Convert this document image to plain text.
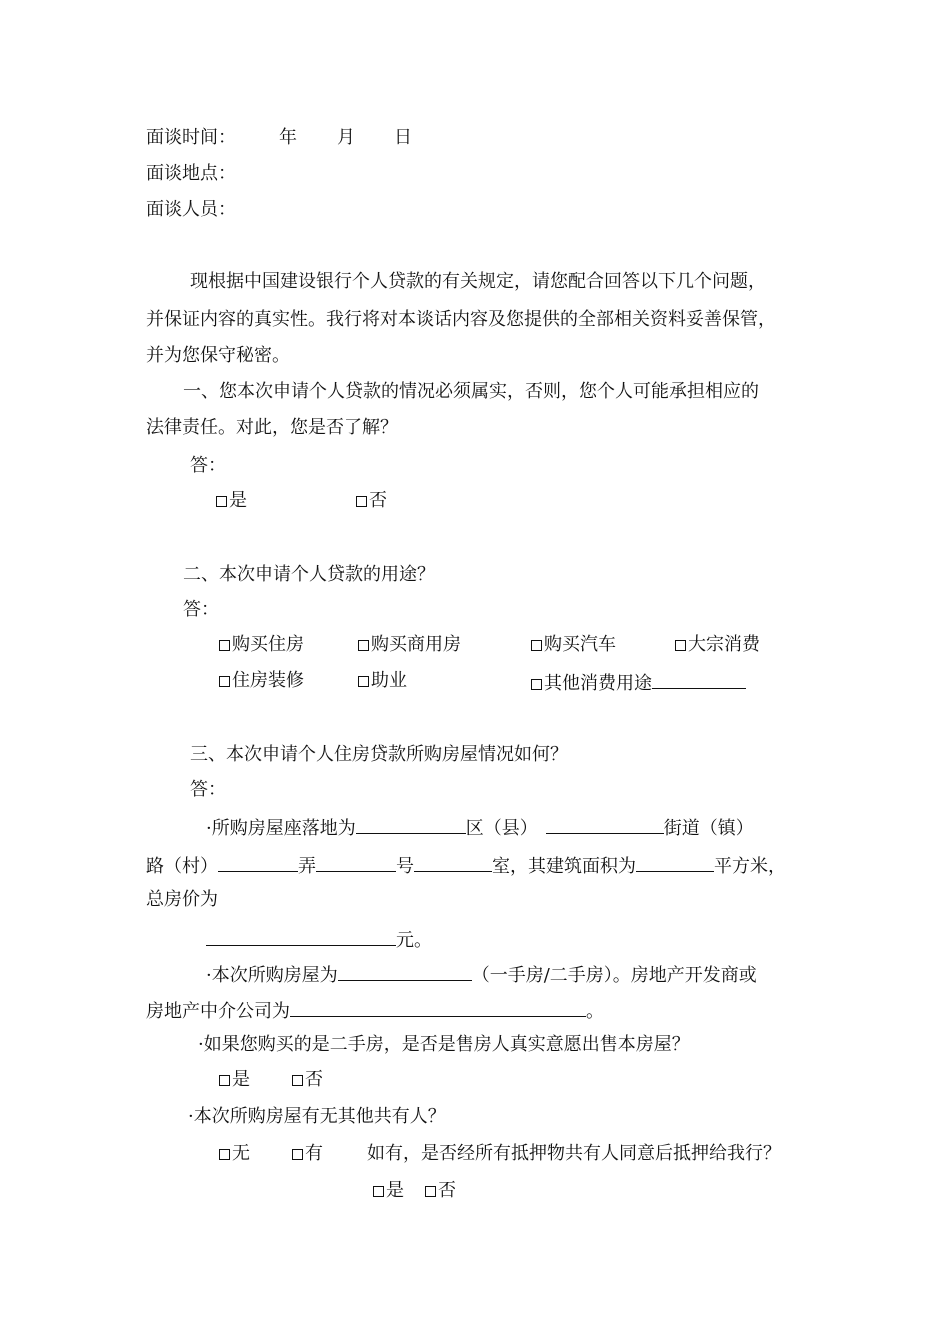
面谈时间： 年 月 日
面谈地点：
面谈人员：
现根据中国建设银行个人贷款的有关规定，请您配合回答以下几个问题，
并保证内容的真实性。我行将对本谈话内容及您提供的全部相关资料妥善保管，
并为您保守秘密。
一、您本次申请个人贷款的情况必须属实，否则，您个人可能承担相应的
法律责任。对此，您是否了解？
答：
是	否
二、本次申请个人贷款的用途？
答：
购买住房	购买商用房	购买汽车	大宗消费
住房装修	助业	其他消费用途
三、本次申请个人住房贷款所购房屋情况如何？
答：
·所购房屋座落地为	区（县）	街道（镇）
路（村）	弄	号	室，其建筑面积为	平方米，
总房价为
元。
·本次所购房屋为	（一手房/二手房）。房地产开发商或
房地产中介公司为	。
·如果您购买的是二手房，是否是售房人真实意愿出售本房屋？
是	否
·本次所购房屋有无其他共有人？
无	有 如有，是否经所有抵押物共有人同意后抵押给我行？
是	否
